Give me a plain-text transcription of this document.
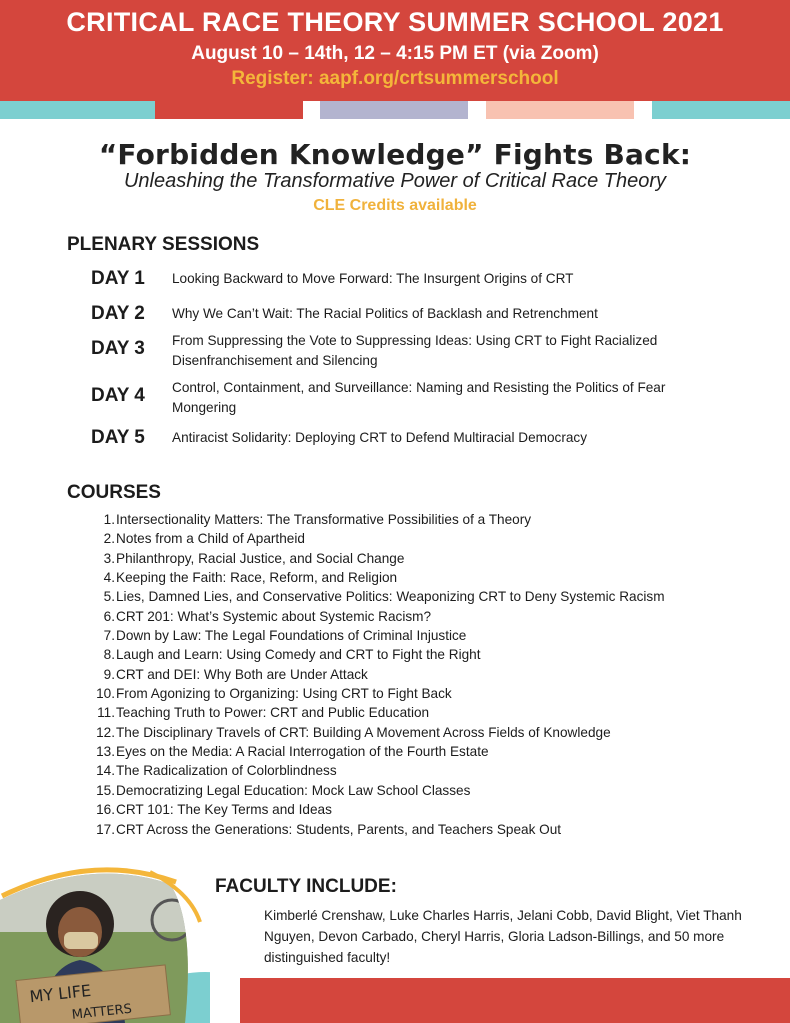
CRITICAL RACE THEORY SUMMER SCHOOL 2021
August 10 – 14th, 12 – 4:15 PM ET (via Zoom)
Register: aapf.org/crtsummerschool
“Forbidden Knowledge” Fights Back:
Unleashing the Transformative Power of Critical Race Theory
CLE Credits available
PLENARY SESSIONS
DAY 1	Looking Backward to Move Forward: The Insurgent Origins of CRT
DAY 2	Why We Can’t Wait: The Racial Politics of Backlash and Retrenchment
DAY 3	From Suppressing the Vote to Suppressing Ideas: Using CRT to Fight Racialized Disenfranchisement and Silencing
DAY 4	Control, Containment, and Surveillance: Naming and Resisting the Politics of Fear Mongering
DAY 5	Antiracist Solidarity: Deploying CRT to Defend Multiracial Democracy
COURSES
1. Intersectionality Matters: The Transformative Possibilities of a Theory
2. Notes from a Child of Apartheid
3. Philanthropy, Racial Justice, and Social Change
4. Keeping the Faith: Race, Reform, and Religion
5. Lies, Damned Lies, and Conservative Politics: Weaponizing CRT to Deny Systemic Racism
6. CRT 201: What’s Systemic about Systemic Racism?
7. Down by Law: The Legal Foundations of Criminal Injustice
8. Laugh and Learn: Using Comedy and CRT to Fight the Right
9. CRT and DEI: Why Both are Under Attack
10. From Agonizing to Organizing: Using CRT to Fight Back
11. Teaching Truth to Power: CRT and Public Education
12. The Disciplinary Travels of CRT: Building A Movement Across Fields of Knowledge
13. Eyes on the Media: A Racial Interrogation of the Fourth Estate
14. The Radicalization of Colorblindness
15. Democratizing Legal Education: Mock Law School Classes
16. CRT 101: The Key Terms and Ideas
17. CRT Across the Generations: Students, Parents, and Teachers Speak Out
MY LIFE
MATTERS
FACULTY INCLUDE:
Kimberlé Crenshaw, Luke Charles Harris, Jelani Cobb, David Blight, Viet Thanh Nguyen, Devon Carbado, Cheryl Harris, Gloria Ladson-Billings, and 50 more distinguished faculty!
